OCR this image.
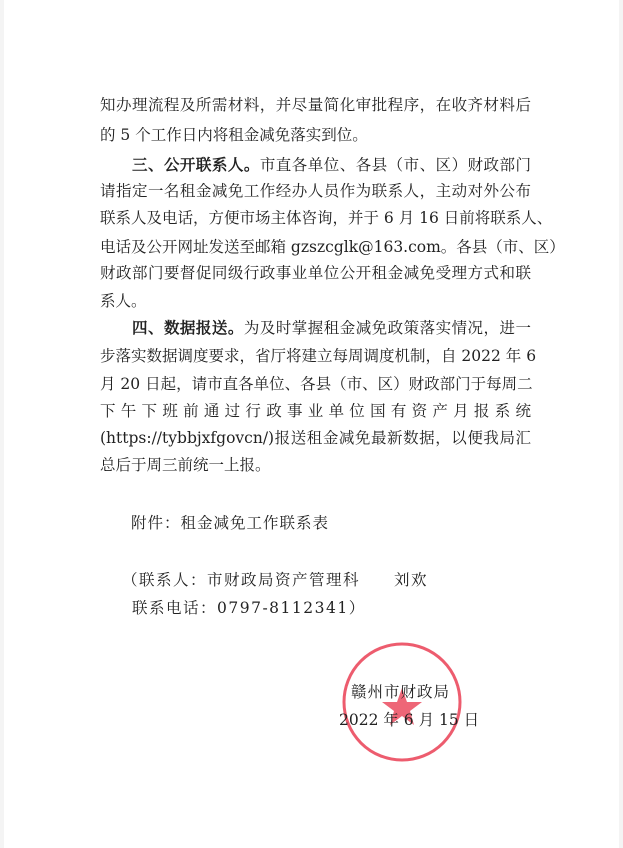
知办理流程及所需材料，并尽量简化审批程序，在收齐材料后
的 5 个工作日内将租金减免落实到位。
三、公开联系人。市直各单位、各县（市、区）财政部门
请指定一名租金减免工作经办人员作为联系人，主动对外公布
联系人及电话，方便市场主体咨询，并于 6 月 16 日前将联系人、
电话及公开网址发送至邮箱 gzszcglk@163.com。各县（市、区）
财政部门要督促同级行政事业单位公开租金减免受理方式和联
系人。
四、数据报送。为及时掌握租金减免政策落实情况，进一
步落实数据调度要求，省厅将建立每周调度机制，自 2022 年 6
月 20 日起，请市直各单位、各县（市、区）财政部门于每周二
下午下班前通过行政事业单位国有资产月报系统
(https://tybbjxfgovcn/)报送租金减免最新数据，以便我局汇
总后于周三前统一上报。
附件：租金减免工作联系表
（联系人：市财政局资产管理科　　刘欢
联系电话：0797-8112341）
赣州市财政局
2022 年 6 月 15 日
